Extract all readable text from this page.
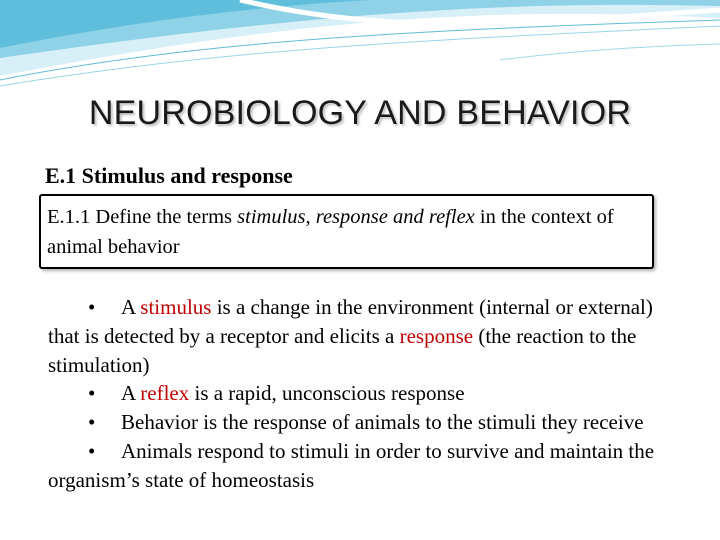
NEUROBIOLOGY AND BEHAVIOR
E.1 Stimulus and response
E.1.1 Define the terms stimulus, response and reflex in the context of animal behavior

• A stimulus is a change in the environment (internal or external) that is detected by a receptor and elicits a response (the reaction to the stimulation)

• A reflex is a rapid, unconscious response

• Behavior is the response of animals to the stimuli they receive

• Animals respond to stimuli in order to survive and maintain the organism’s state of homeostasis
